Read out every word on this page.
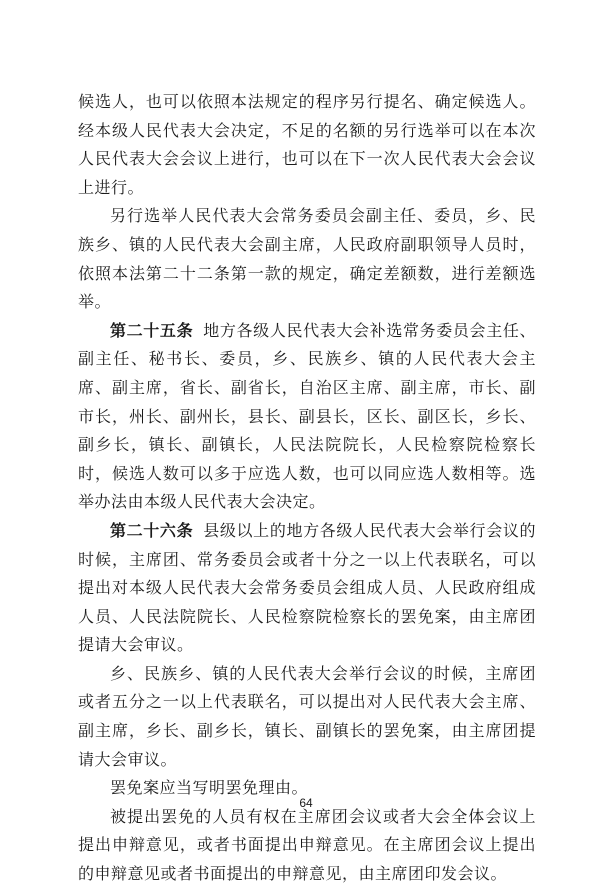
候选人，也可以依照本法规定的程序另行提名、确定候选人。经本级人民代表大会决定，不足的名额的另行选举可以在本次人民代表大会会议上进行，也可以在下一次人民代表大会会议上进行。

另行选举人民代表大会常务委员会副主任、委员，乡、民族乡、镇的人民代表大会副主席，人民政府副职领导人员时，依照本法第二十二条第一款的规定，确定差额数，进行差额选举。

第二十五条 地方各级人民代表大会补选常务委员会主任、副主任、秘书长、委员，乡、民族乡、镇的人民代表大会主席、副主席，省长、副省长，自治区主席、副主席，市长、副市长，州长、副州长，县长、副县长，区长、副区长，乡长、副乡长，镇长、副镇长，人民法院院长，人民检察院检察长时，候选人数可以多于应选人数，也可以同应选人数相等。选举办法由本级人民代表大会决定。

第二十六条 县级以上的地方各级人民代表大会举行会议的时候，主席团、常务委员会或者十分之一以上代表联名，可以提出对本级人民代表大会常务委员会组成人员、人民政府组成人员、人民法院院长、人民检察院检察长的罢免案，由主席团提请大会审议。

乡、民族乡、镇的人民代表大会举行会议的时候，主席团或者五分之一以上代表联名，可以提出对人民代表大会主席、副主席，乡长、副乡长，镇长、副镇长的罢免案，由主席团提请大会审议。

罢免案应当写明罢免理由。

被提出罢免的人员有权在主席团会议或者大会全体会议上提出申辩意见，或者书面提出申辩意见。在主席团会议上提出的申辩意见或者书面提出的申辩意见，由主席团印发会议。

64
